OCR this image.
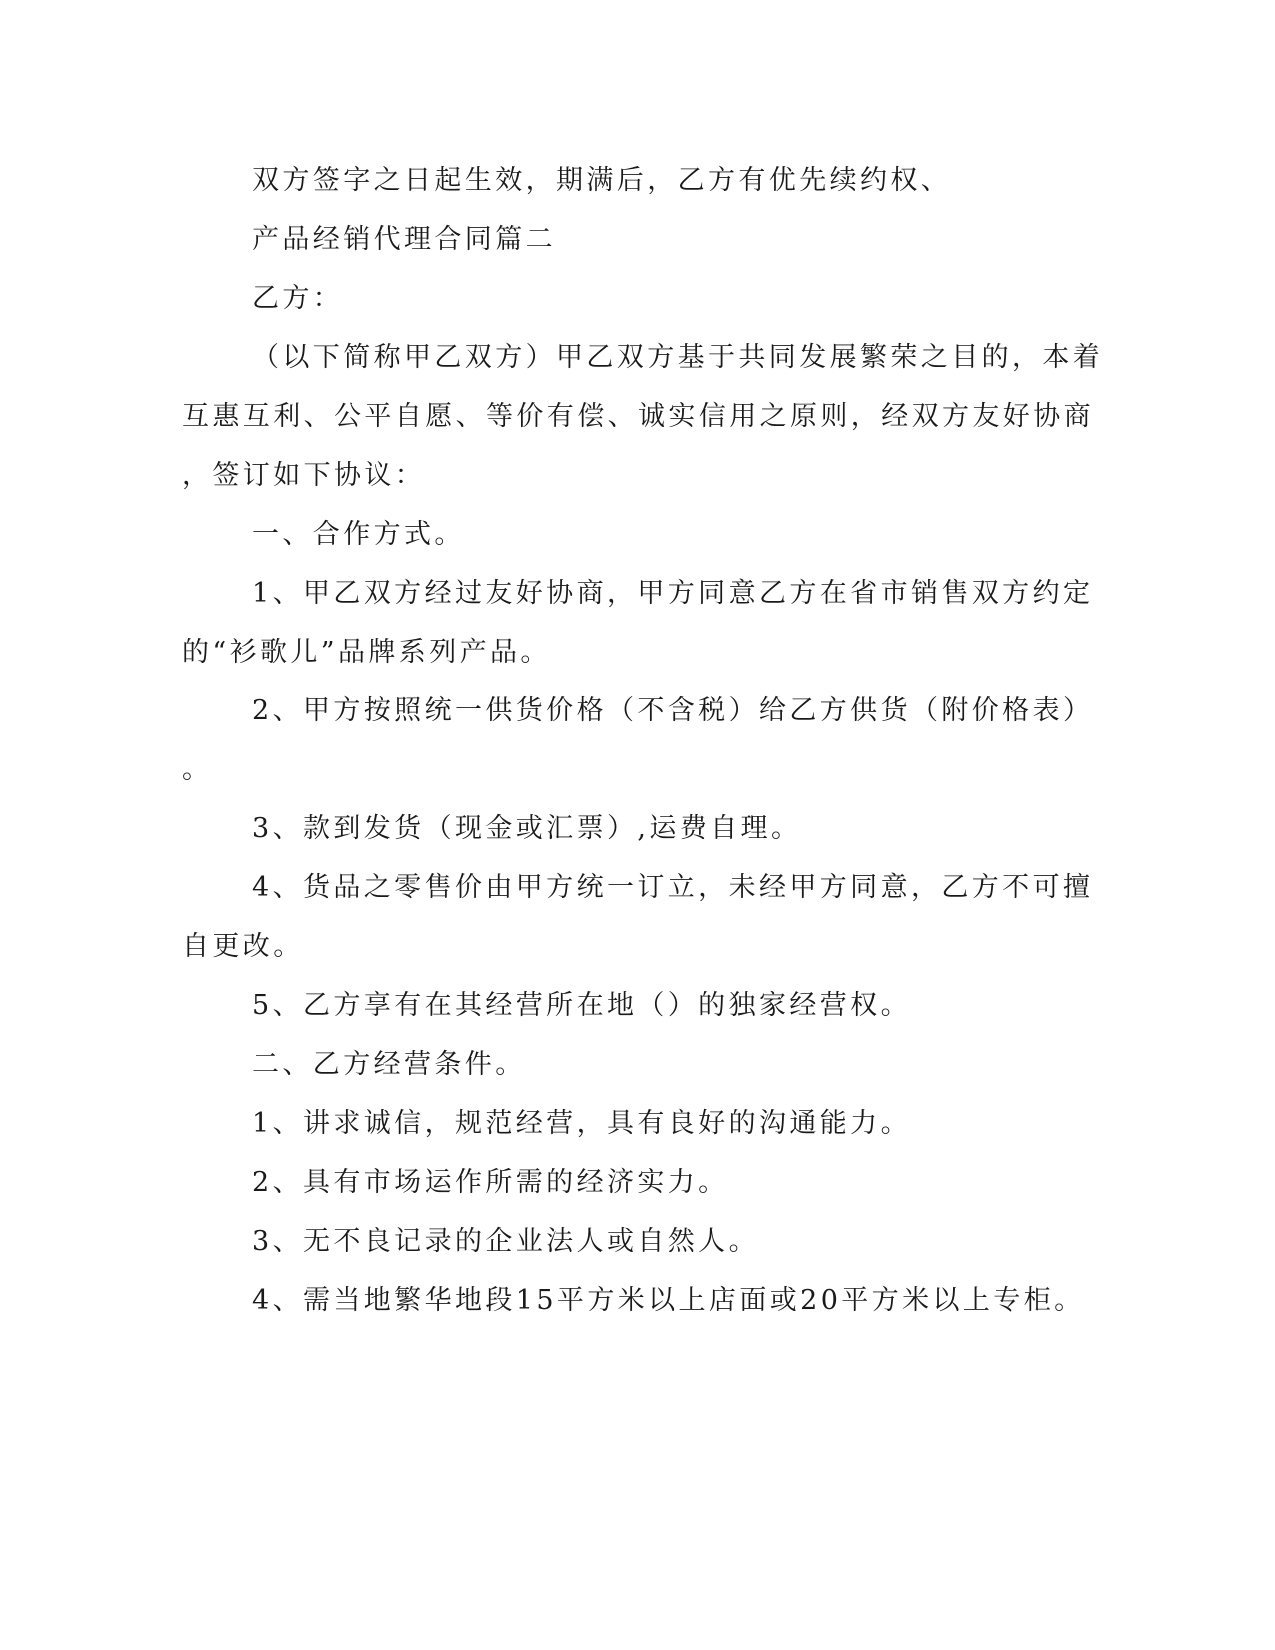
双方签字之日起生效，期满后，乙方有优先续约权、
产品经销代理合同篇二
乙方：
（以下简称甲乙双方）甲乙双方基于共同发展繁荣之目的，本着
互惠互利、公平自愿、等价有偿、诚实信用之原则，经双方友好协商
，签订如下协议：
一、合作方式。
1、甲乙双方经过友好协商，甲方同意乙方在省市销售双方约定
的“衫歌儿”品牌系列产品。
2、甲方按照统一供货价格（不含税）给乙方供货（附价格表）
。
3、款到发货（现金或汇票）,运费自理。
4、货品之零售价由甲方统一订立，未经甲方同意，乙方不可擅
自更改。
5、乙方享有在其经营所在地（）的独家经营权。
二、乙方经营条件。
1、讲求诚信，规范经营，具有良好的沟通能力。
2、具有市场运作所需的经济实力。
3、无不良记录的企业法人或自然人。
4、需当地繁华地段15平方米以上店面或20平方米以上专柜。
